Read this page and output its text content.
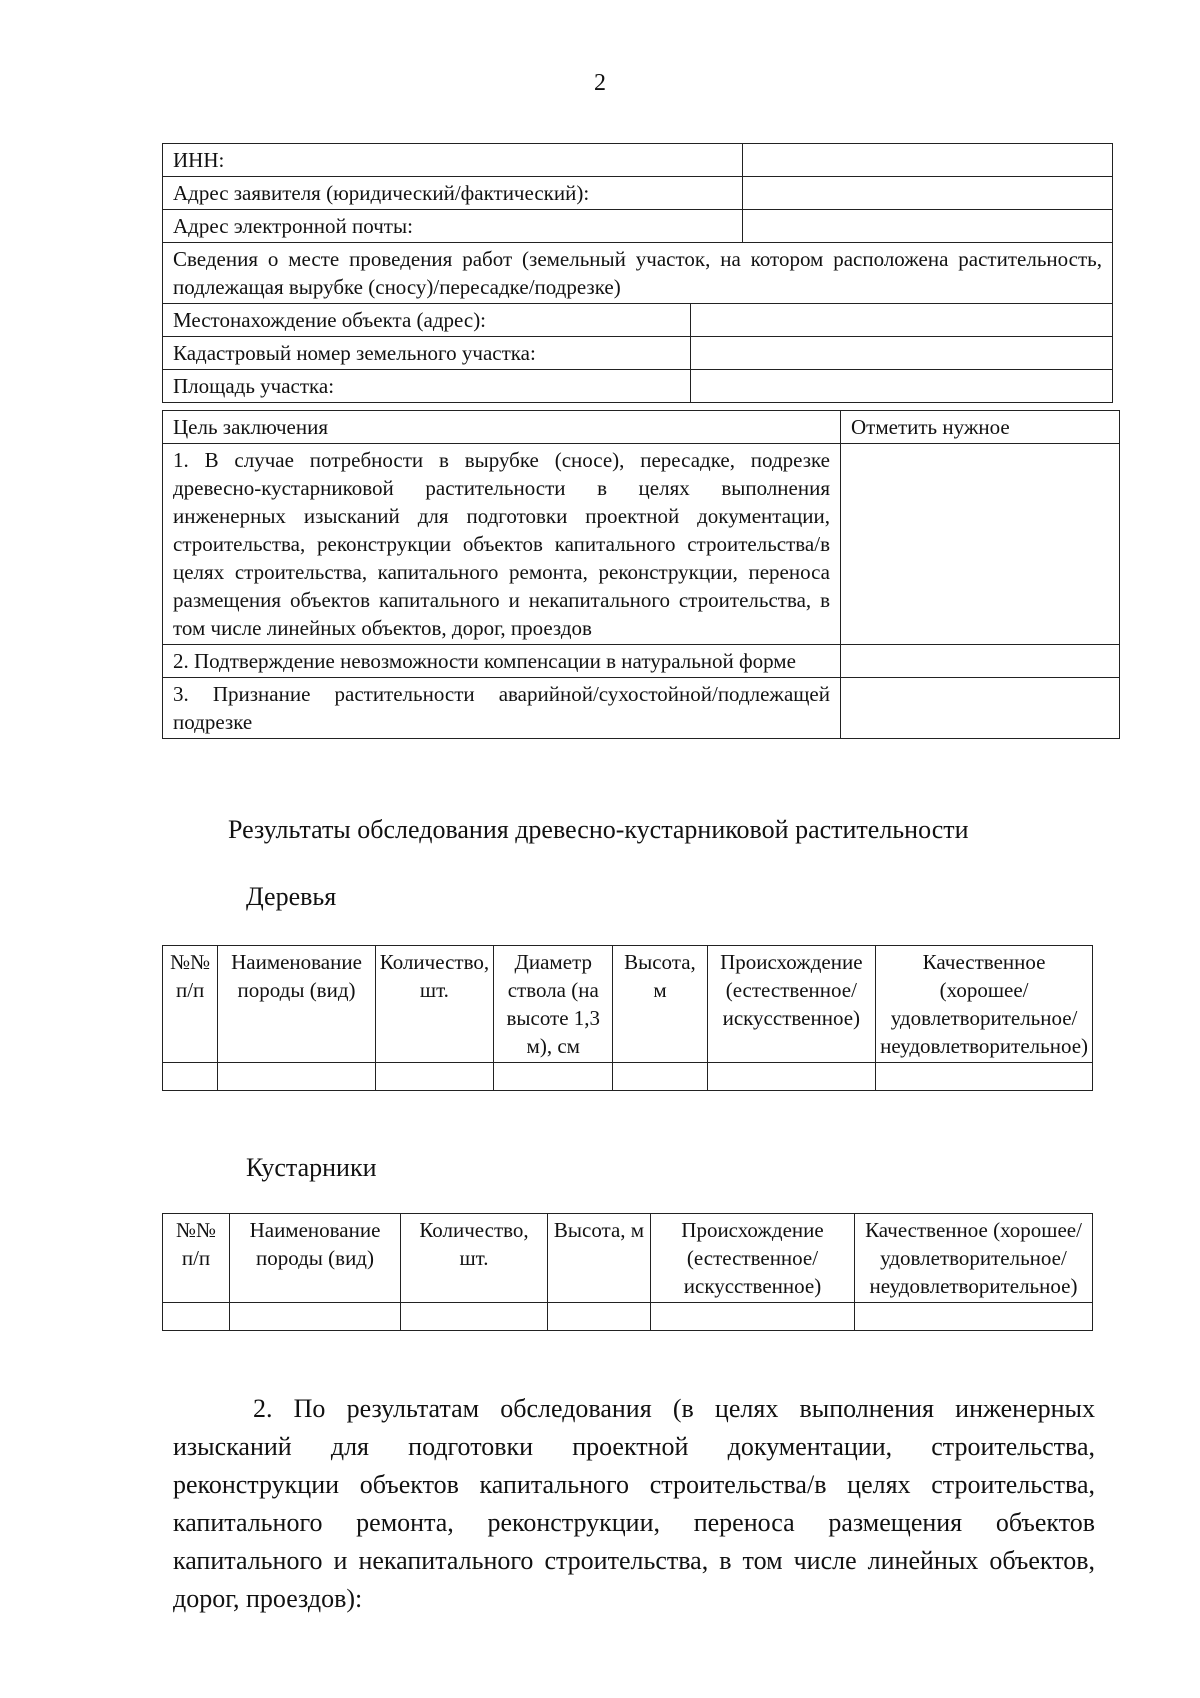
2
ИНН:		
Адрес заявителя (юридический/фактический):		
Адрес электронной почты:		
Сведения о месте проведения работ (земельный участок, на котором расположена растительность, подлежащая вырубке (сносу)/пересадке/подрезке)		
Местонахождение объекта (адрес):		
Кадастровый номер земельного участка:		
Площадь участка:		
Цель заключения	Отметить нужное
1. В случае потребности в вырубке (сносе), пересадке, подрезке древесно-кустарниковой растительности в целях выполнения инженерных изысканий для подготовки проектной документации, строительства, реконструкции объектов капитального строительства/в целях строительства, капитального ремонта, реконструкции, переноса размещения объектов капитального и некапитального строительства, в том числе линейных объектов, дорог, проездов	
2. Подтверждение невозможности компенсации в натуральной форме	
3. Признание растительности аварийной/сухостойной/подлежащей подрезке	
Результаты обследования древесно-кустарниковой растительности
Деревья
№№ п/п	Наименование породы (вид)	Количество, шт.	Диаметр ствола (на высоте 1,3 м), см	Высота, м	Происхождение (естественное/искусственное)	Качественное (хорошее/удовлетворительное/неудовлетворительное)

Кустарники
№№ п/п	Наименование породы (вид)	Количество, шт.	Высота, м	Происхождение (естественное/ искусственное)	Качественное (хорошее/удовлетворительное/неудовлетворительное)

2. По результатам обследования (в целях выполнения инженерных изысканий для подготовки проектной документации, строительства, реконструкции объектов капитального строительства/в целях строительства, капитального ремонта, реконструкции, переноса размещения объектов капитального и некапитального строительства, в том числе линейных объектов, дорог, проездов):
